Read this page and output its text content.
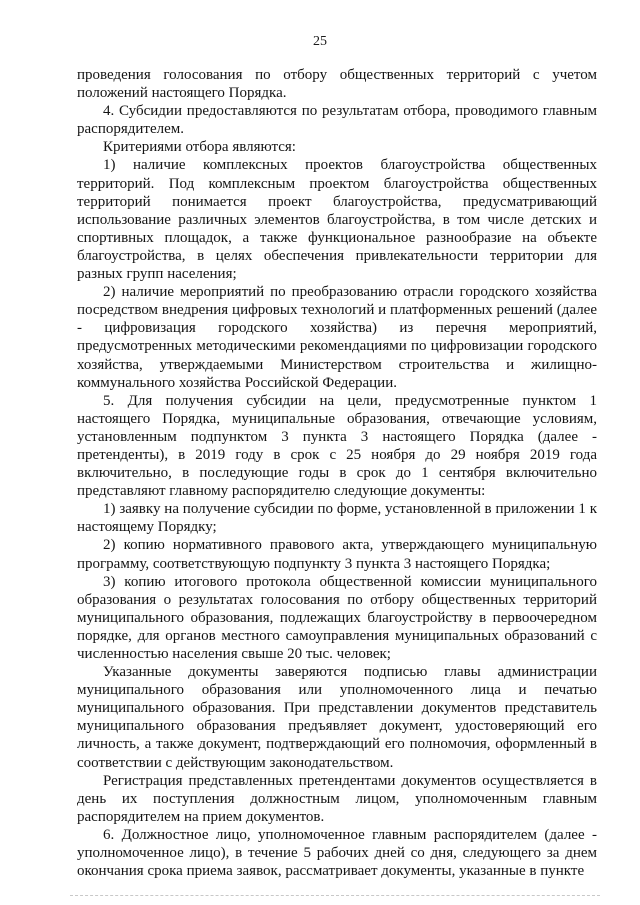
25

проведения голосования по отбору общественных территорий с учетом положений настоящего Порядка.

4. Субсидии предоставляются по результатам отбора, проводимого главным распорядителем.

Критериями отбора являются:

1) наличие комплексных проектов благоустройства общественных территорий. Под комплексным проектом благоустройства общественных территорий понимается проект благоустройства, предусматривающий использование различных элементов благоустройства, в том числе детских и спортивных площадок, а также функциональное разнообразие на объекте благоустройства, в целях обеспечения привлекательности территории для разных групп населения;

2) наличие мероприятий по преобразованию отрасли городского хозяйства посредством внедрения цифровых технологий и платформенных решений (далее - цифровизация городского хозяйства) из перечня мероприятий, предусмотренных методическими рекомендациями по цифровизации городского хозяйства, утверждаемыми Министерством строительства и жилищно-коммунального хозяйства Российской Федерации.

5. Для получения субсидии на цели, предусмотренные пунктом 1 настоящего Порядка, муниципальные образования, отвечающие условиям, установленным подпунктом 3 пункта 3 настоящего Порядка (далее - претенденты), в 2019 году в срок с 25 ноября до 29 ноября 2019 года включительно, в последующие годы в срок до 1 сентября включительно представляют главному распорядителю следующие документы:

1) заявку на получение субсидии по форме, установленной в приложении 1 к настоящему Порядку;

2) копию нормативного правового акта, утверждающего муниципальную программу, соответствующую подпункту 3 пункта 3 настоящего Порядка;

3) копию итогового протокола общественной комиссии муниципального образования о результатах голосования по отбору общественных территорий муниципального образования, подлежащих благоустройству в первоочередном порядке, для органов местного самоуправления муниципальных образований с численностью населения свыше 20 тыс. человек;

Указанные документы заверяются подписью главы администрации муниципального образования или уполномоченного лица и печатью муниципального образования. При представлении документов представитель муниципального образования предъявляет документ, удостоверяющий его личность, а также документ, подтверждающий его полномочия, оформленный в соответствии с действующим законодательством.

Регистрация представленных претендентами документов осуществляется в день их поступления должностным лицом, уполномоченным главным распорядителем на прием документов.

6. Должностное лицо, уполномоченное главным распорядителем (далее - уполномоченное лицо), в течение 5 рабочих дней со дня, следующего за днем окончания срока приема заявок, рассматривает документы, указанные в пункте
